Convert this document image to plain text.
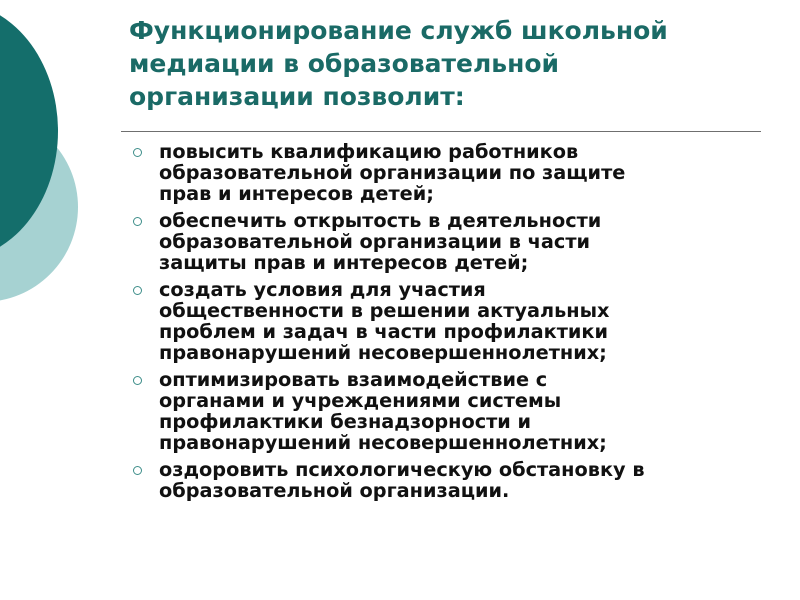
Функционирование служб школьной
медиации в образовательной
организации позволит:
повысить квалификацию работников
образовательной организации по защите
прав и интересов детей;
обеспечить открытость в деятельности
образовательной организации в части
защиты прав и интересов детей;
создать условия для участия
общественности в решении актуальных
проблем и задач в части профилактики
правонарушений несовершеннолетних;
оптимизировать взаимодействие с
органами и учреждениями системы
профилактики безнадзорности и
правонарушений несовершеннолетних;
оздоровить психологическую обстановку в
образовательной организации.
